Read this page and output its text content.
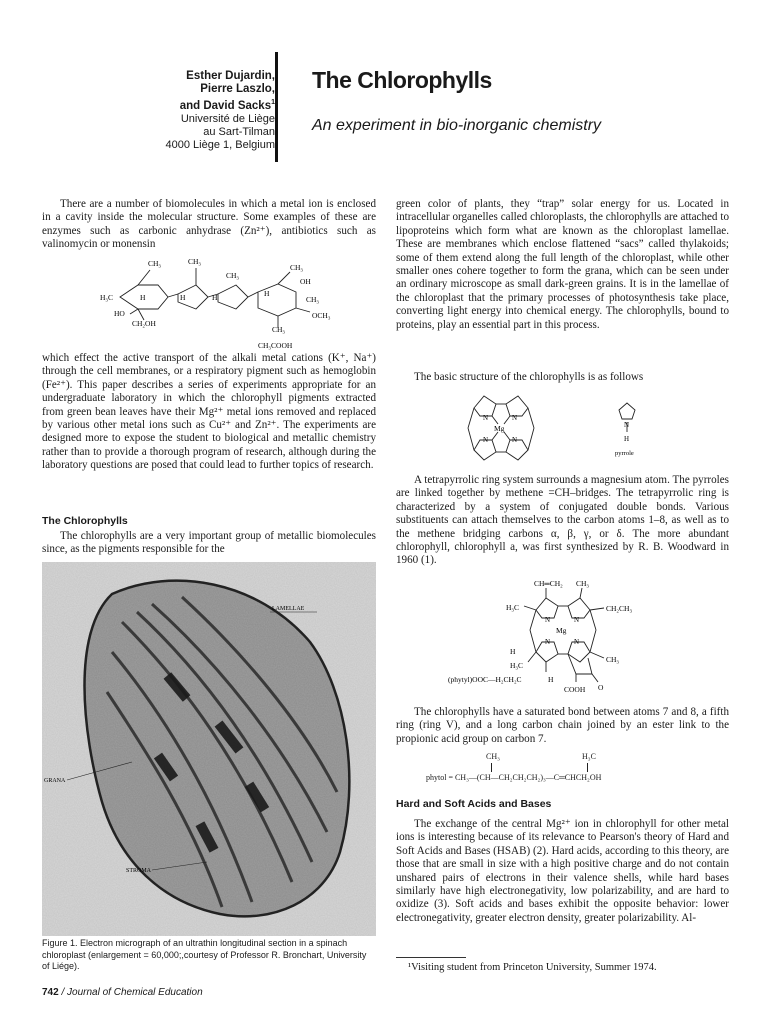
Esther Dujardin,
Pierre Laszlo,
and David Sacks$^1$
Université de Liège
au Sart-Tilman
4000 Liège 1, Belgium
The Chlorophylls
An experiment in bio-inorganic chemistry

There are a number of biomolecules in which a metal ion is enclosed in a cavity inside the molecular structure. Some examples of these are enzymes such as carbonic anhydrase (Zn²⁺), antibiotics such as valinomycin or monensin

CH₃	CH₃
CH₃
CH₃
OH
H₃C	H	H	H	H
CH₃
HO
CH₂OH
OCH₃
CH₃
CH₃COOH

which effect the active transport of the alkali metal cations (K⁺, Na⁺) through the cell membranes, or a respiratory pigment such as hemoglobin (Fe²⁺). This paper describes a series of experiments appropriate for an undergraduate laboratory in which the chlorophyll pigments extracted from green bean leaves have their Mg²⁺ metal ions removed and replaced by various other metal ions such as Cu²⁺ and Zn²⁺. The experiments are designed more to expose the student to biological and metallic chemistry rather than to provide a thorough program of research, although during the laboratory questions are posed that could lead to further topics of research.

The Chlorophylls

The chlorophylls are a very important group of metallic biomolecules since, as the pigments responsible for the

LAMELLAE
GRANA
STROMA
Figure 1. Electron micrograph of an ultrathin longitudinal section in a spinach chloroplast (enlargement = 60,000;,courtesy of Professor R. Bronchart, University of Liége).

green color of plants, they “trap” solar energy for us. Located in intracellular organelles called chloroplasts, the chlorophylls are attached to lipoproteins which form what are known as the chloroplast lamellae. These are membranes which enclose flattened “sacs” called thylakoids; some of them extend along the full length of the chloroplast, while other smaller ones cohere together to form the grana, which can be seen under an ordinary microscope as small dark-green grains. It is in the lamellae of the chloroplast that the primary processes of photosynthesis take place, converting light energy into chemical energy. The chlorophylls, bound to proteins, play an essential part in this process.

The basic structure of the chlorophylls is as follows

N	N
N	N
Mg	N
H
pyrrole

A tetrapyrrolic ring system surrounds a magnesium atom. The pyrroles are linked together by methene =CH–bridges. The tetrapyrrolic ring is characterized by a system of conjugated double bonds. Various substituents can attach themselves to the carbon atoms 1–8, as well as to the methene bridging carbons α, β, γ, or δ. The more abundant chlorophyll, chlorophyll a, was first synthesized by R. B. Woodward in 1960 (1).

CH═CH₂ CH₃
H₃C	CH₂CH₃
N	N
N	N
Mg
H
CH₃
H₃C
(phytyl)OOC—H₂CH₂C	H
O
COOH

The chlorophylls have a saturated bond between atoms 7 and 8, a fifth ring (ring V), and a long carbon chain joined by an ester link to the propionic acid group on carbon 7.

CH₃	H₃C
phytol = CH₃—(CH—CH₂CH₂CH₂)₃—C═CHCH₂OH
Hard and Soft Acids and Bases

The exchange of the central Mg²⁺ ion in chlorophyll for other metal ions is interesting because of its relevance to Pearson's theory of Hard and Soft Acids and Bases (HSAB) (2). Hard acids, according to this theory, are those that are small in size with a high positive charge and do not contain unshared pairs of electrons in their valence shells, while hard bases similarly have high electronegativity, low polarizability, and are hard to oxidize (3). Soft acids and bases exhibit the opposite behavior: lower electronegativity, greater electron density, greater polarizability. Al-

¹Visiting student from Princeton University, Summer 1974.
742 / Journal of Chemical Education
